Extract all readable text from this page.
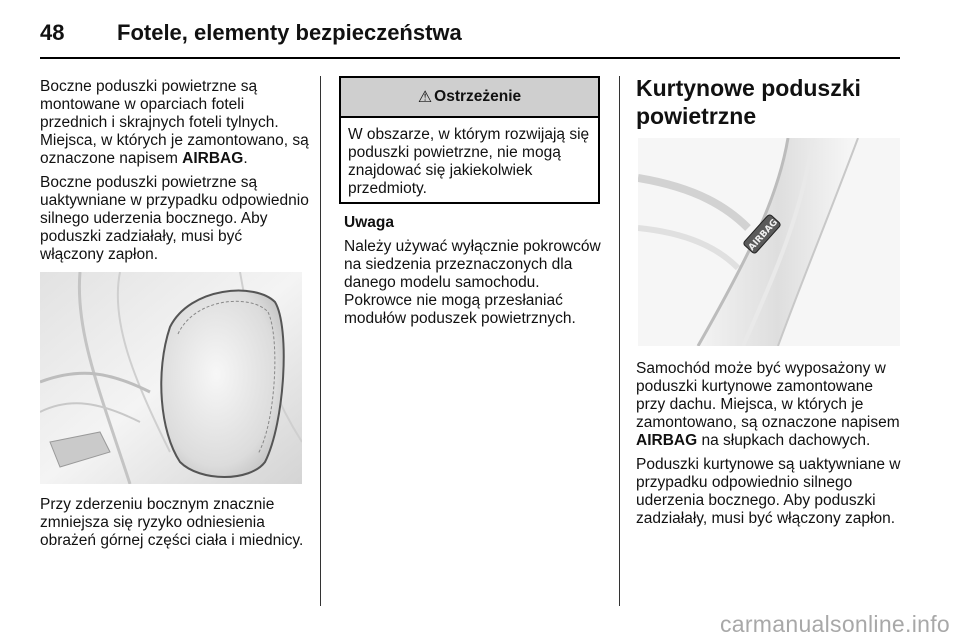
48 Fotele, elementy bezpieczeństwa

Boczne poduszki powietrzne są montowane w oparciach foteli przednich i skrajnych foteli tylnych. Miejsca, w których je zamontowano, są oznaczone napisem AIRBAG.

Boczne poduszki powietrzne są uaktywniane w przypadku odpowiednio silnego uderzenia bocznego. Aby poduszki zadziałały, musi być włączony zapłon.

Przy zderzeniu bocznym znacznie zmniejsza się ryzyko odniesienia obrażeń górnej części ciała i miednicy.

⚠ Ostrzeżenie
W obszarze, w którym rozwijają się poduszki powietrzne, nie mogą znajdować się jakiekolwiek przedmioty.

Uwaga

Należy używać wyłącznie pokrowców na siedzenia przeznaczonych dla danego modelu samochodu. Pokrowce nie mogą przesłaniać modułów poduszek powietrznych.

Kurtynowe poduszki powietrzne
AIRBAG

Samochód może być wyposażony w poduszki kurtynowe zamontowane przy dachu. Miejsca, w których je zamontowano, są oznaczone napisem AIRBAG na słupkach dachowych.

Poduszki kurtynowe są uaktywniane w przypadku odpowiednio silnego uderzenia bocznego. Aby poduszki zadziałały, musi być włączony zapłon.

carmanualsonline.info
